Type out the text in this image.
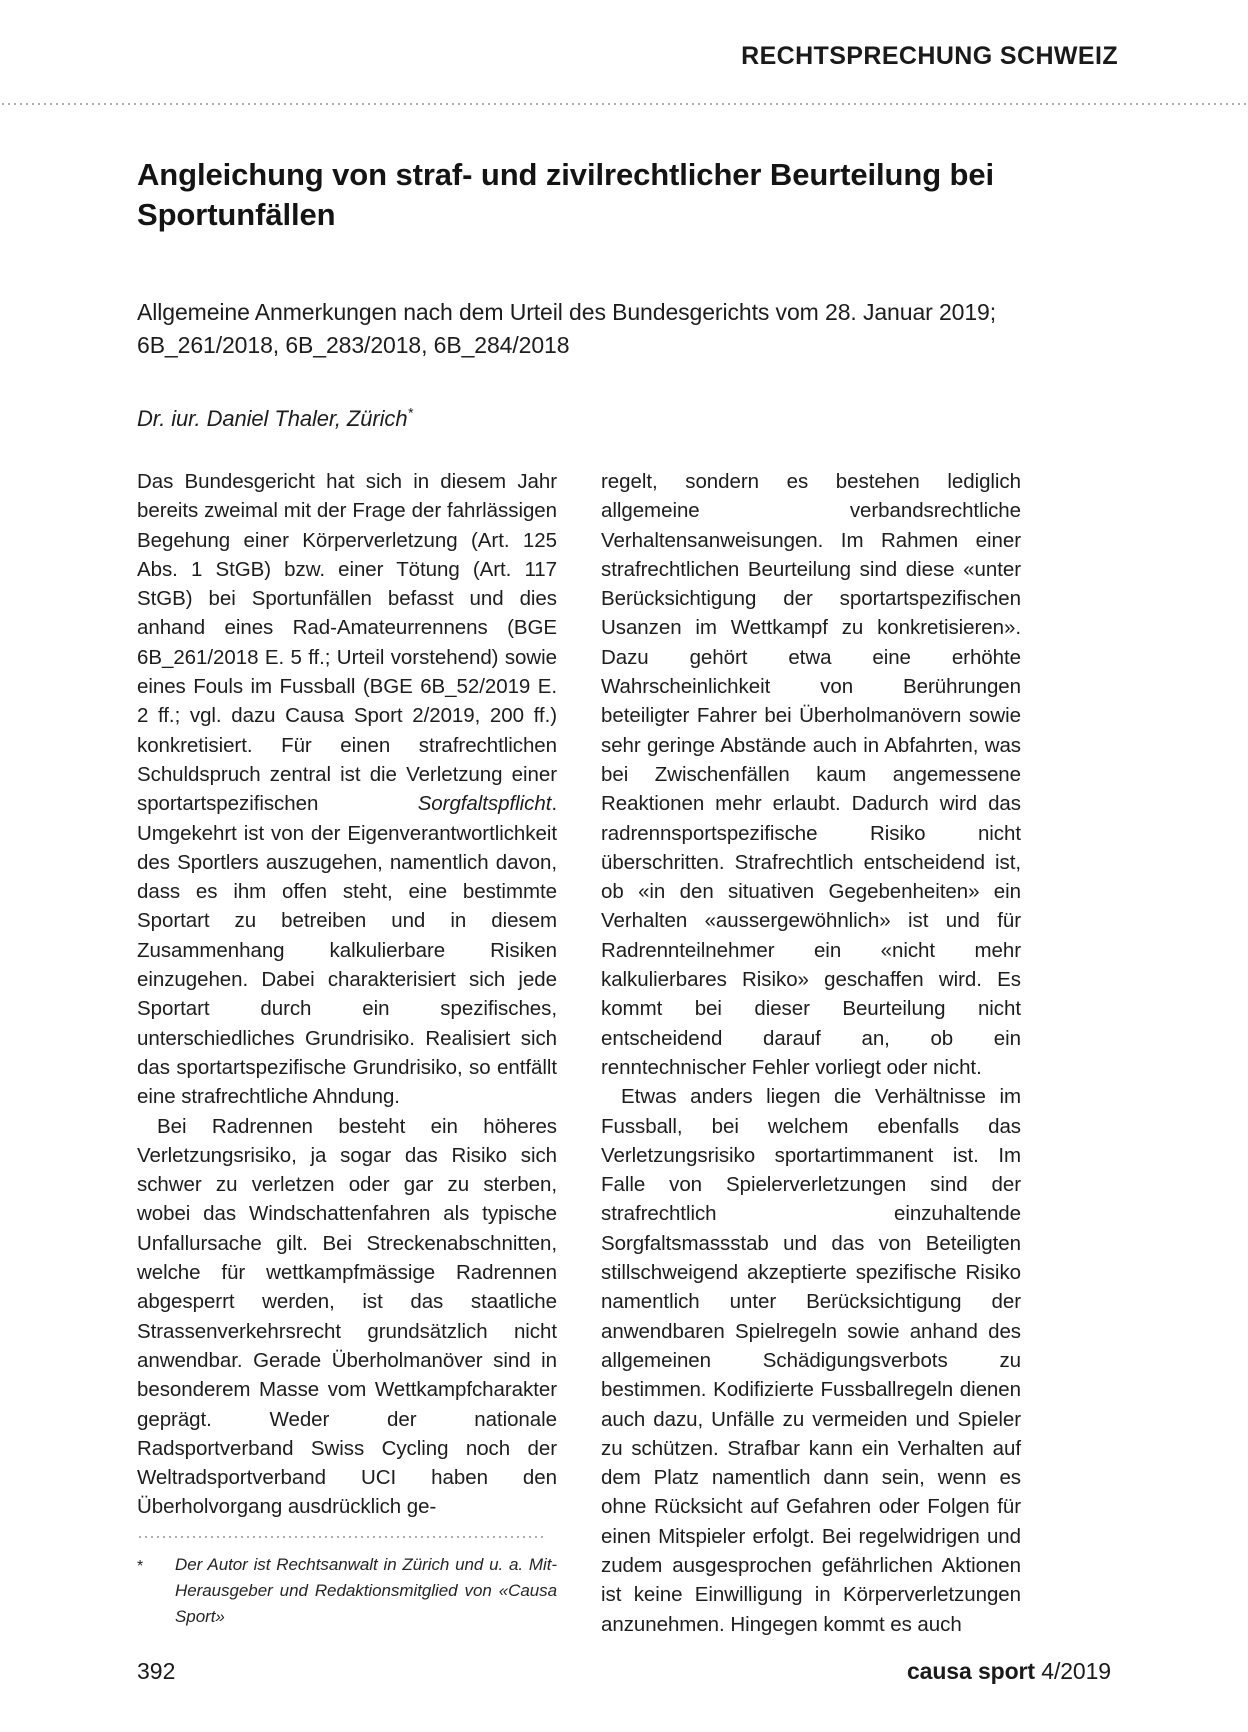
RECHTSPRECHUNG SCHWEIZ
Angleichung von straf- und zivilrechtlicher Beurteilung bei Sportunfällen

Allgemeine Anmerkungen nach dem Urteil des Bundesgerichts vom 28. Januar 2019; 6B_261/2018, 6B_283/2018, 6B_284/2018

Dr. iur. Daniel Thaler, Zürich*

Das Bundesgericht hat sich in diesem Jahr bereits zweimal mit der Frage der fahrlässigen Begehung einer Körperverletzung (Art. 125 Abs. 1 StGB) bzw. einer Tötung (Art. 117 StGB) bei Sportunfällen befasst und dies anhand eines Rad-Amateurrennens (BGE 6B_261/2018 E. 5 ff.; Urteil vorstehend) sowie eines Fouls im Fussball (BGE 6B_52/2019 E. 2 ff.; vgl. dazu Causa Sport 2/2019, 200 ff.) konkretisiert. Für einen strafrechtlichen Schuldspruch zentral ist die Verletzung einer sportartspezifischen Sorgfaltspflicht. Umgekehrt ist von der Eigenverantwortlichkeit des Sportlers auszugehen, namentlich davon, dass es ihm offen steht, eine bestimmte Sportart zu betreiben und in diesem Zusammenhang kalkulierbare Risiken einzugehen. Dabei charakterisiert sich jede Sportart durch ein spezifisches, unterschiedliches Grundrisiko. Realisiert sich das sportartspezifische Grundrisiko, so entfällt eine strafrechtliche Ahndung.

Bei Radrennen besteht ein höheres Verletzungsrisiko, ja sogar das Risiko sich schwer zu verletzen oder gar zu sterben, wobei das Windschattenfahren als typische Unfallursache gilt. Bei Streckenabschnitten, welche für wettkampfmässige Radrennen abgesperrt werden, ist das staatliche Strassenverkehrsrecht grundsätzlich nicht anwendbar. Gerade Überholmanöver sind in besonderem Masse vom Wettkampfcharakter geprägt. Weder der nationale Radsportverband Swiss Cycling noch der Weltradsportverband UCI haben den Überholvorgang ausdrücklich ge-

regelt, sondern es bestehen lediglich allgemeine verbandsrechtliche Verhaltensanweisungen. Im Rahmen einer strafrechtlichen Beurteilung sind diese «unter Berücksichtigung der sportartspezifischen Usanzen im Wettkampf zu konkretisieren». Dazu gehört etwa eine erhöhte Wahrscheinlichkeit von Berührungen beteiligter Fahrer bei Überholmanövern sowie sehr geringe Abstände auch in Abfahrten, was bei Zwischenfällen kaum angemessene Reaktionen mehr erlaubt. Dadurch wird das radrennsportspezifische Risiko nicht überschritten. Strafrechtlich entscheidend ist, ob «in den situativen Gegebenheiten» ein Verhalten «aussergewöhnlich» ist und für Radrennteilnehmer ein «nicht mehr kalkulierbares Risiko» geschaffen wird. Es kommt bei dieser Beurteilung nicht entscheidend darauf an, ob ein renntechnischer Fehler vorliegt oder nicht.

Etwas anders liegen die Verhältnisse im Fussball, bei welchem ebenfalls das Verletzungsrisiko sportartimmanent ist. Im Falle von Spielerverletzungen sind der strafrechtlich einzuhaltende Sorgfaltsmassstab und das von Beteiligten stillschweigend akzeptierte spezifische Risiko namentlich unter Berücksichtigung der anwendbaren Spielregeln sowie anhand des allgemeinen Schädigungsverbots zu bestimmen. Kodifizierte Fussballregeln dienen auch dazu, Unfälle zu vermeiden und Spieler zu schützen. Strafbar kann ein Verhalten auf dem Platz namentlich dann sein, wenn es ohne Rücksicht auf Gefahren oder Folgen für einen Mitspieler erfolgt. Bei regelwidrigen und zudem ausgesprochen gefährlichen Aktionen ist keine Einwilligung in Körperverletzungen anzunehmen. Hingegen kommt es auch

*	Der Autor ist Rechtsanwalt in Zürich und u. a. Mit-Herausgeber und Redaktionsmitglied von «Causa Sport»
392	causa sport 4/2019
